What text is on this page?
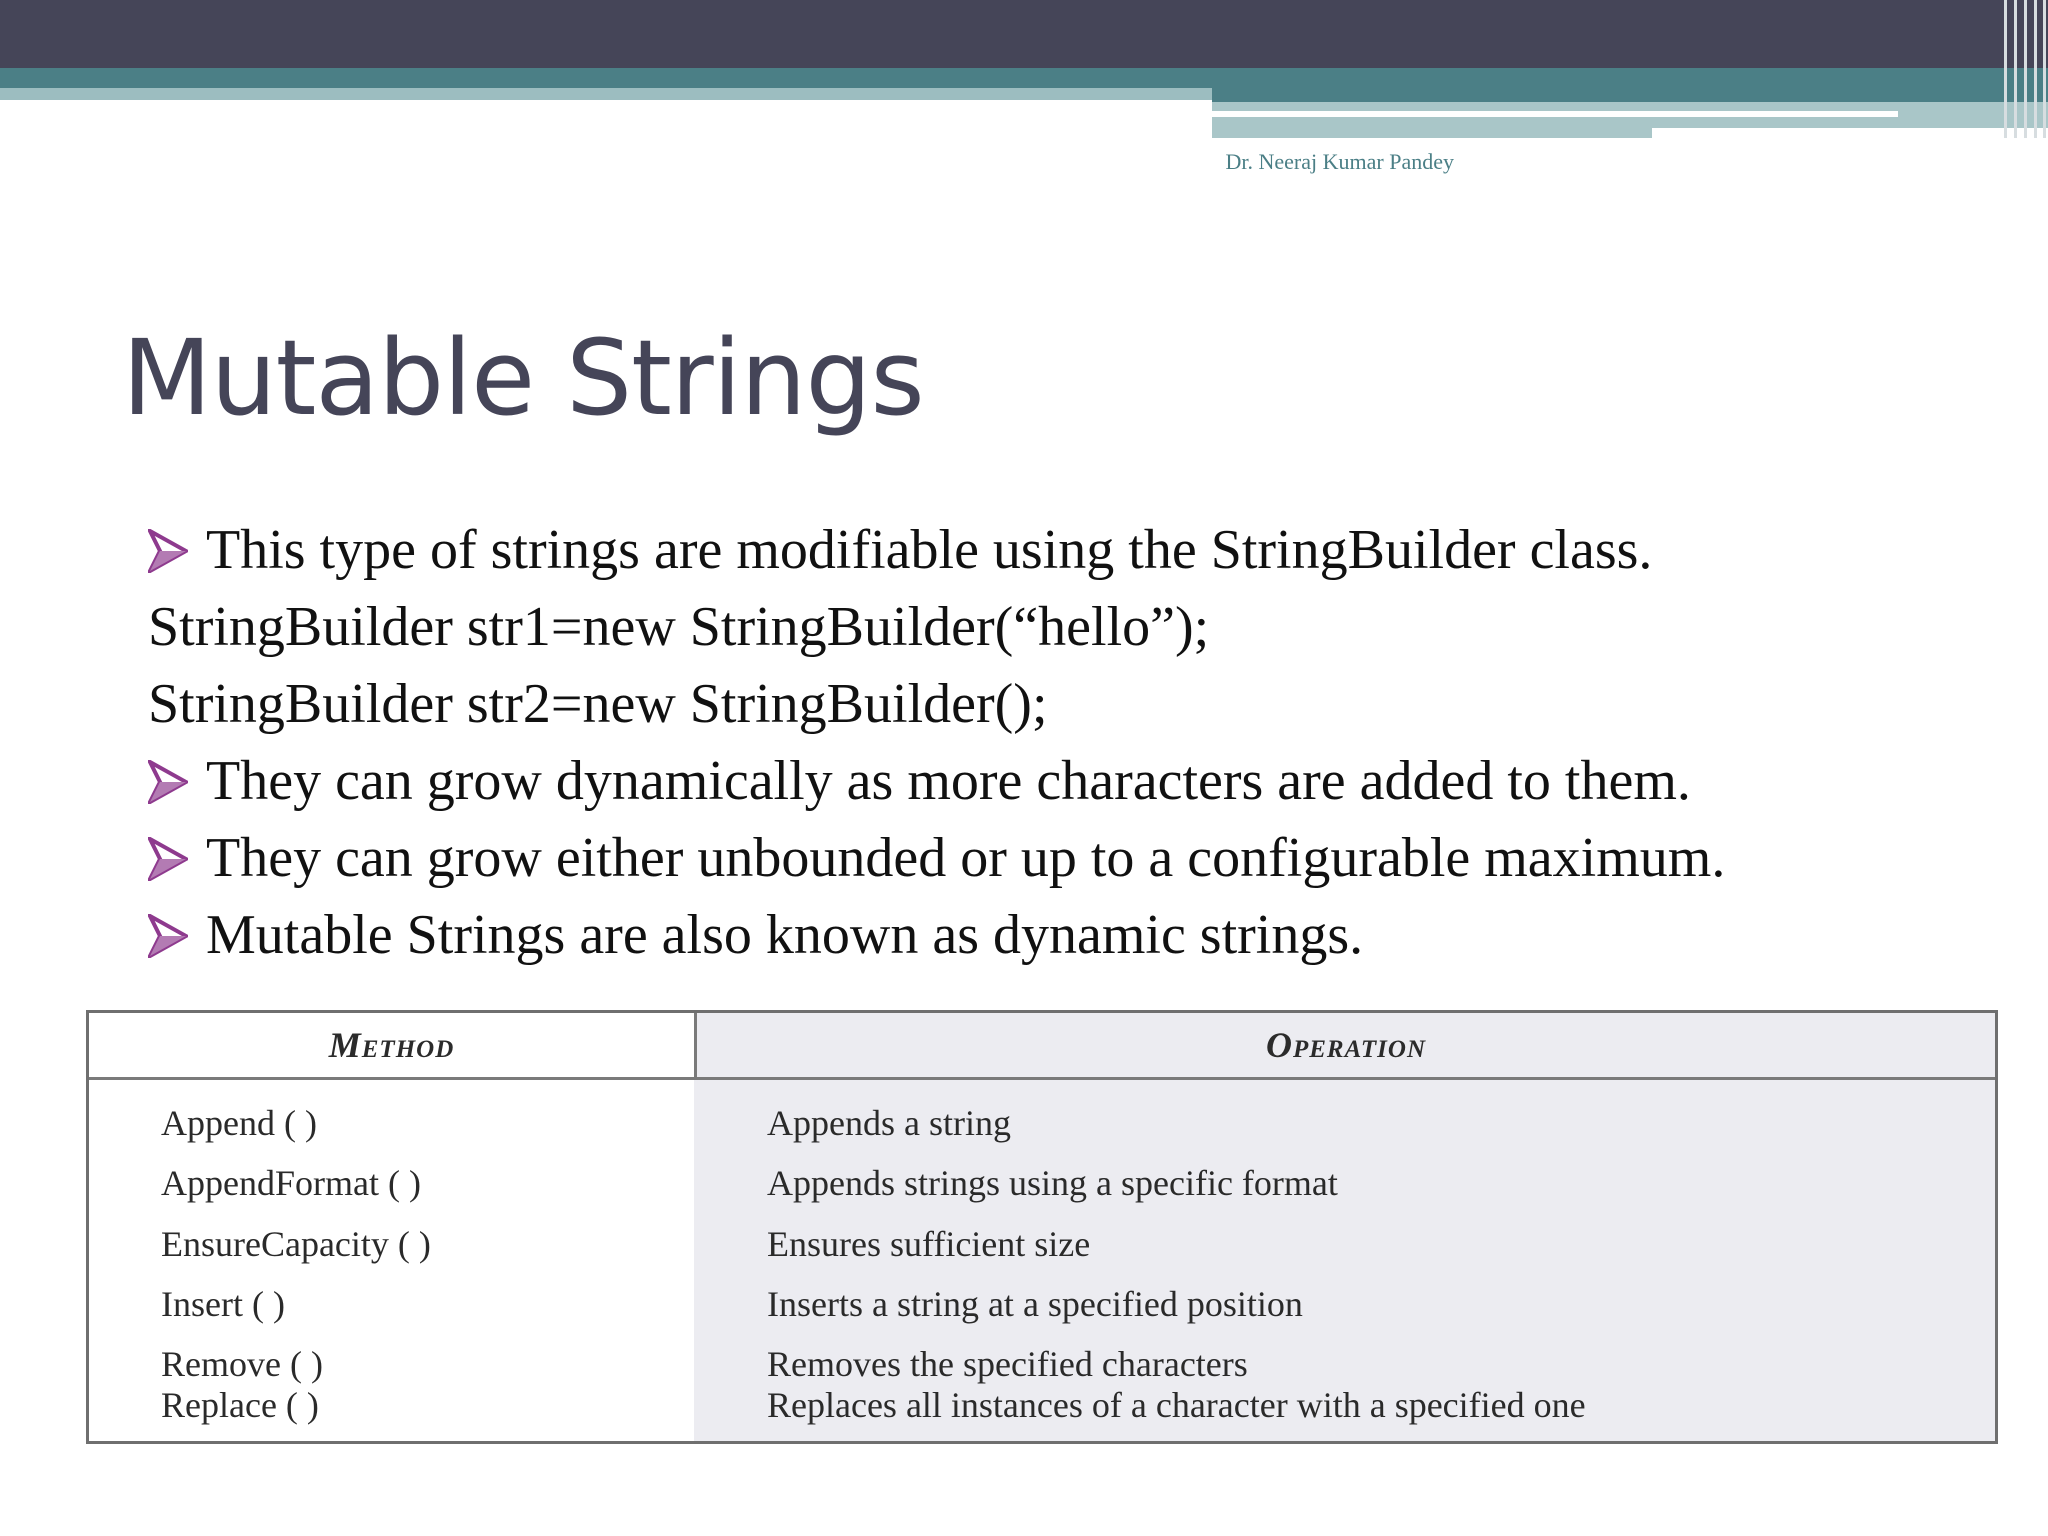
Dr. Neeraj Kumar Pandey
Mutable Strings
This type of strings are modifiable using the StringBuilder class.
StringBuilder str1=new StringBuilder(“hello”);
StringBuilder str2=new StringBuilder();
They can grow dynamically as more characters are added to them.
They can grow either unbounded or up to a configurable maximum.
Mutable Strings are also known as dynamic strings.
Method	Operation
Append ( )	Appends a string
AppendFormat ( )	Appends strings using a specific format
EnsureCapacity ( )	Ensures sufficient size
Insert ( )	Inserts a string at a specified position
Remove ( )	Removes the specified characters
Replace ( )	Replaces all instances of a character with a specified one
